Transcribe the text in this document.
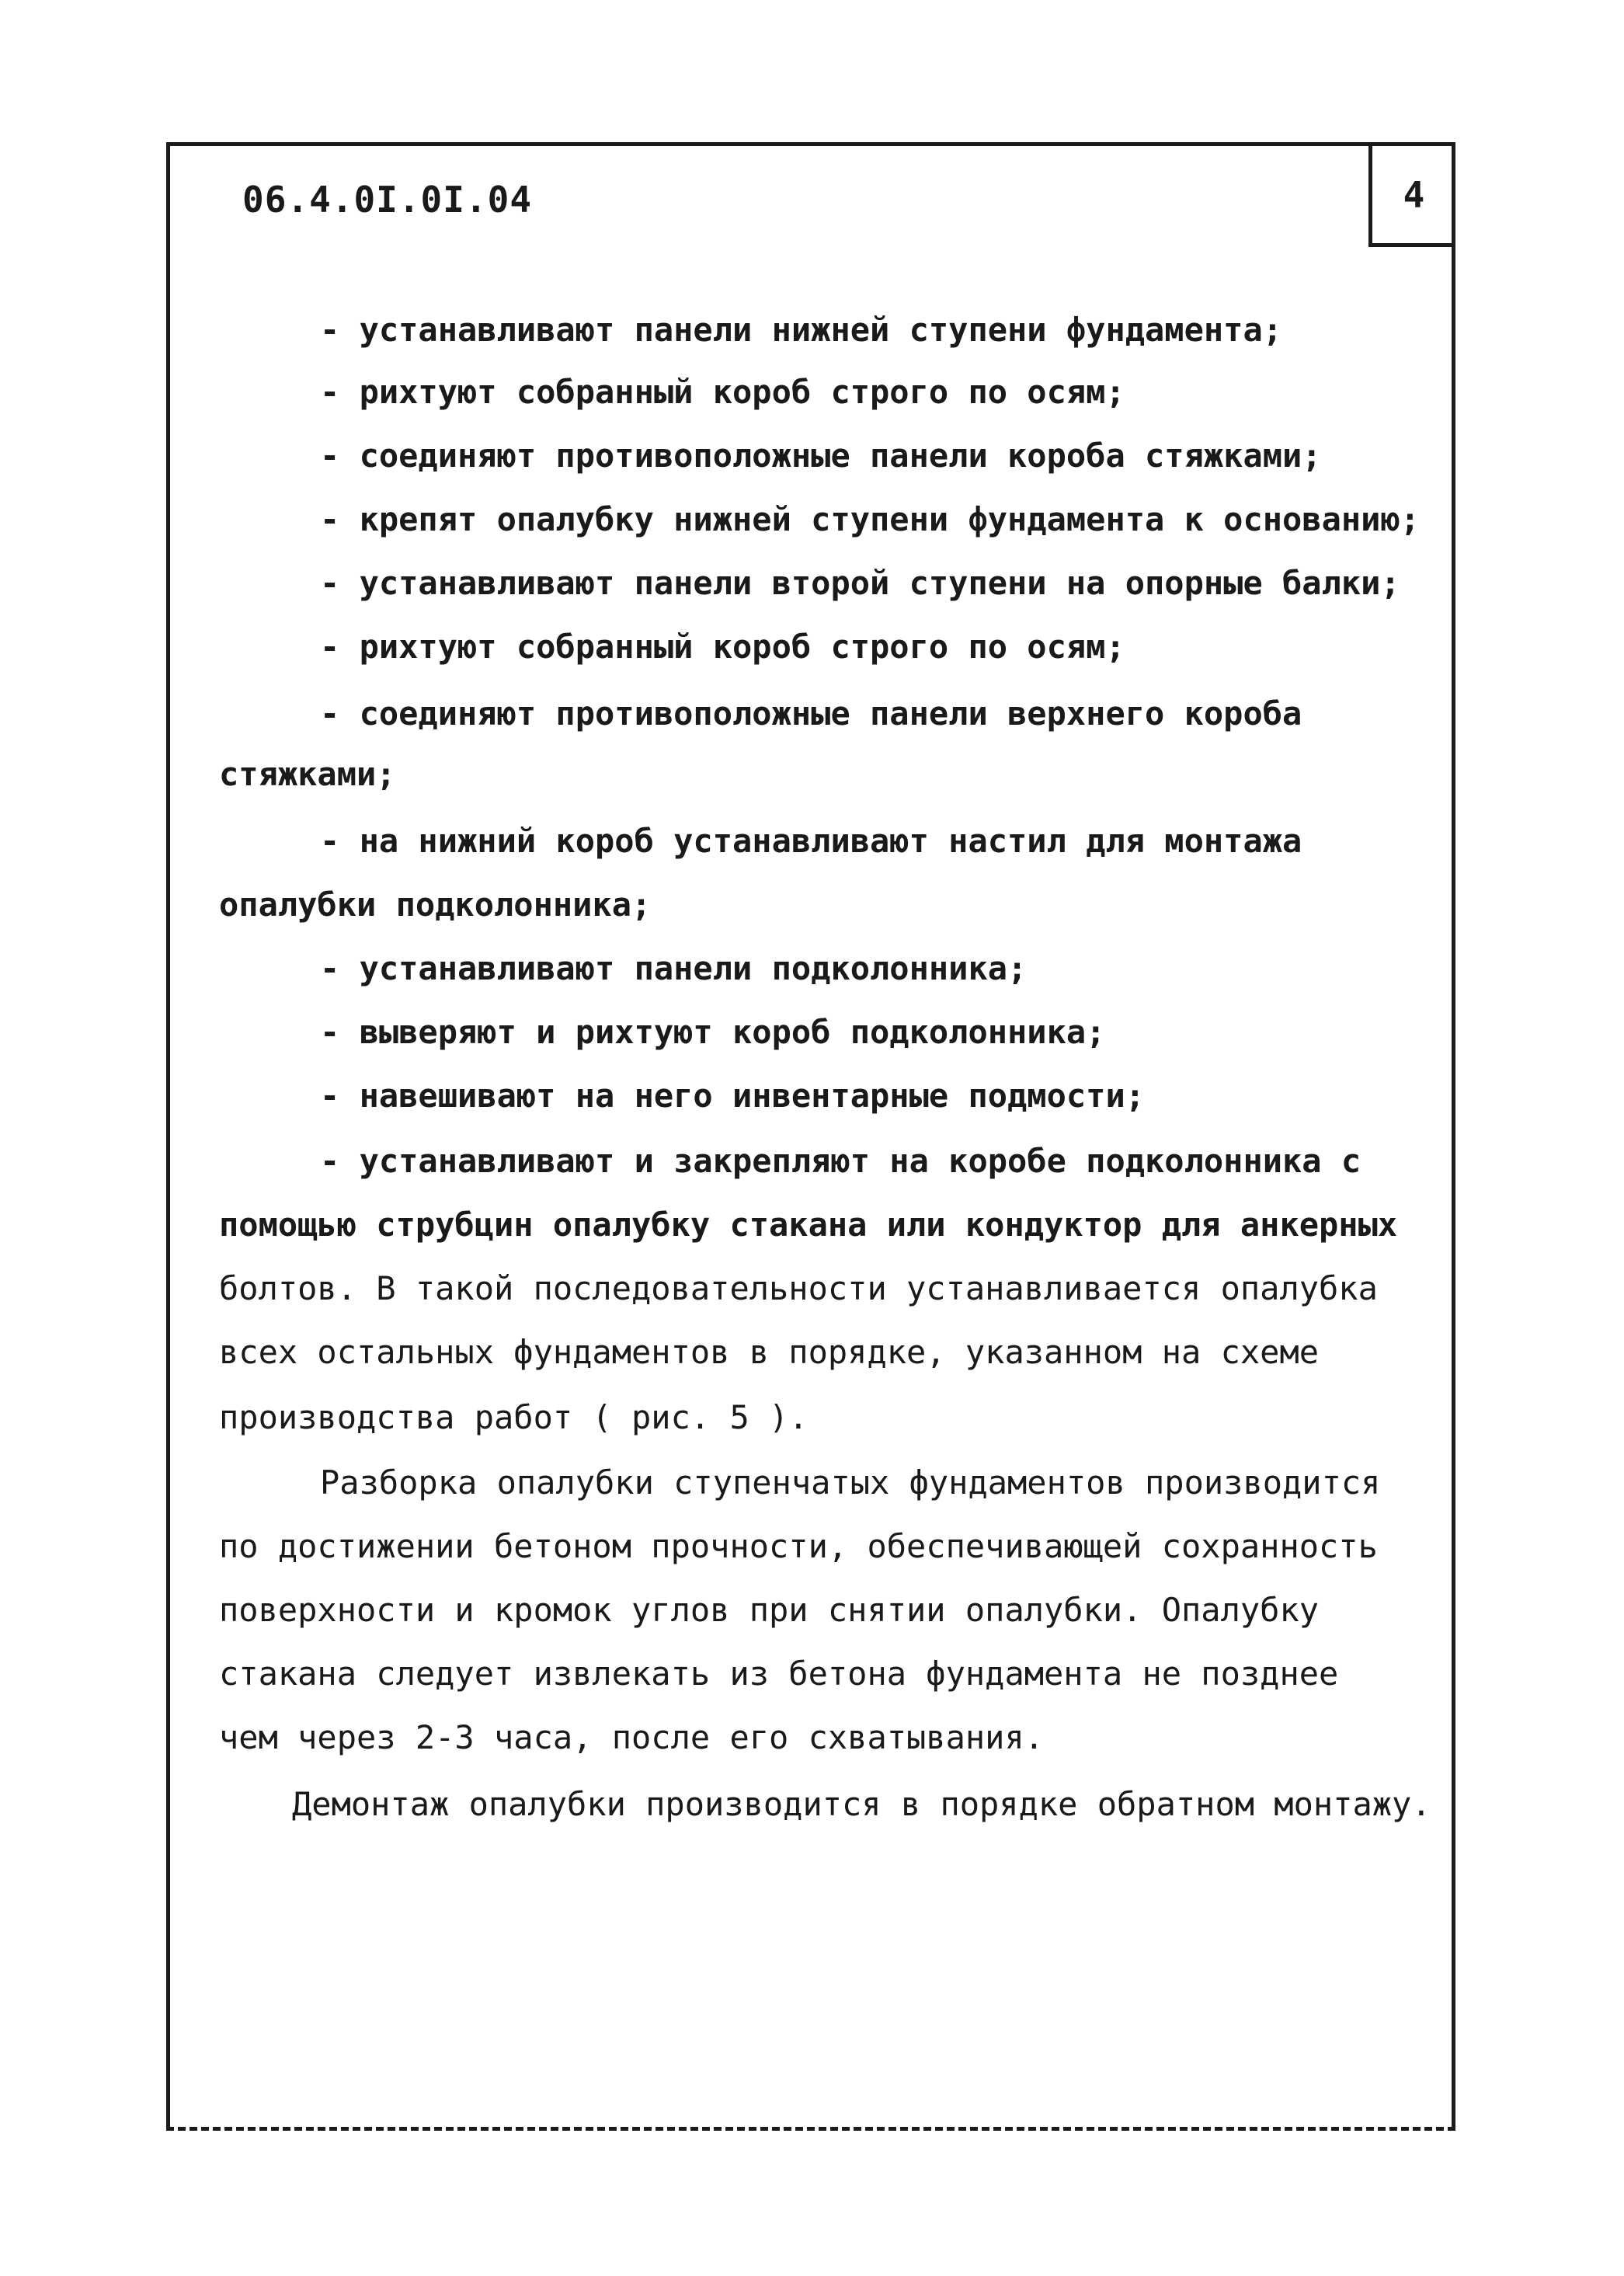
06.4.0I.0I.04	4
- устанавливают панели нижней ступени фундамента;
- рихтуют собранный короб строго по осям;
- соединяют противоположные панели короба стяжками;
- крепят опалубку нижней ступени фундамента к основанию;
- устанавливают панели второй ступени на опорные балки;
- рихтуют собранный короб строго по осям;
- соединяют противоположные панели верхнего короба
стяжками;
- на нижний короб устанавливают настил для монтажа
опалубки подколонника;
- устанавливают панели подколонника;
- выверяют и рихтуют короб подколонника;
- навешивают на него инвентарные подмости;
- устанавливают и закрепляют на коробе подколонника с
помощью струбцин опалубку стакана или кондуктор для анкерных
болтов. В такой последовательности устанавливается опалубка
всех остальных фундаментов в порядке, указанном на схеме
производства работ ( рис. 5 ).
Разборка опалубки ступенчатых фундаментов производится
по достижении бетоном прочности, обеспечивающей сохранность
поверхности и кромок углов при снятии опалубки. Опалубку
стакана следует извлекать из бетона фундамента не позднее
чем через 2-3 часа, после его схватывания.
Демонтаж опалубки производится в порядке обратном монтажу.
